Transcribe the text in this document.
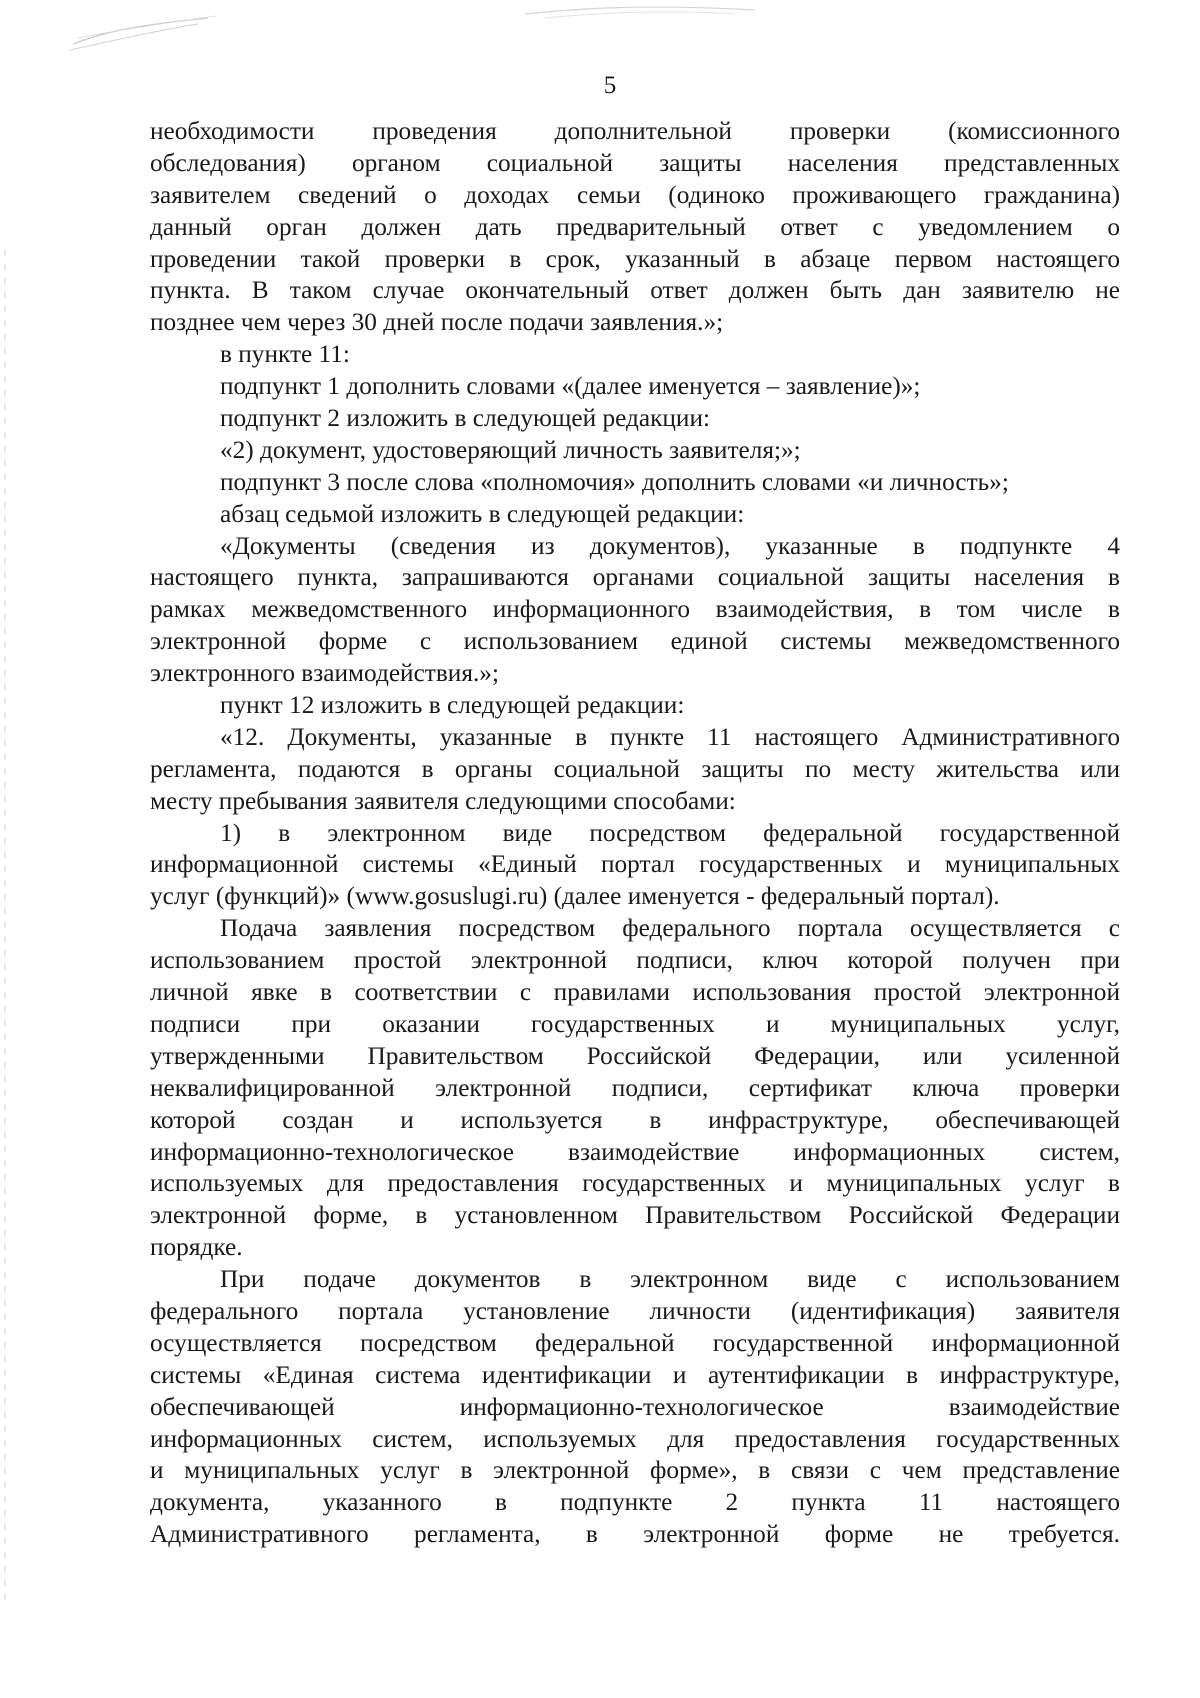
5
необходимости проведения дополнительной проверки (комиссионного
обследования) органом социальной защиты населения представленных
заявителем сведений о доходах семьи (одиноко проживающего гражданина)
данный орган должен дать предварительный ответ с уведомлением о
проведении такой проверки в срок, указанный в абзаце первом настоящего
пункта. В таком случае окончательный ответ должен быть дан заявителю не
позднее чем через 30 дней после подачи заявления.»;
в пункте 11:
подпункт 1 дополнить словами «(далее именуется – заявление)»;
подпункт 2 изложить в следующей редакции:
«2) документ, удостоверяющий личность заявителя;»;
подпункт 3 после слова «полномочия» дополнить словами «и личность»;
абзац седьмой изложить в следующей редакции:
«Документы (сведения из документов), указанные в подпункте 4
настоящего пункта, запрашиваются органами социальной защиты населения в
рамках межведомственного информационного взаимодействия, в том числе в
электронной форме с использованием единой системы межведомственного
электронного взаимодействия.»;
пункт 12 изложить в следующей редакции:
«12. Документы, указанные в пункте 11 настоящего Административного
регламента, подаются в органы социальной защиты по месту жительства или
месту пребывания заявителя следующими способами:
1) в электронном виде посредством федеральной государственной
информационной системы «Единый портал государственных и муниципальных
услуг (функций)» (www.gosuslugi.ru) (далее именуется - федеральный портал).
Подача заявления посредством федерального портала осуществляется с
использованием простой электронной подписи, ключ которой получен при
личной явке в соответствии с правилами использования простой электронной
подписи при оказании государственных и муниципальных услуг,
утвержденными Правительством Российской Федерации, или усиленной
неквалифицированной электронной подписи, сертификат ключа проверки
которой создан и используется в инфраструктуре, обеспечивающей
информационно-технологическое взаимодействие информационных систем,
используемых для предоставления государственных и муниципальных услуг в
электронной форме, в установленном Правительством Российской Федерации
порядке.
При подаче документов в электронном виде с использованием
федерального портала установление личности (идентификация) заявителя
осуществляется посредством федеральной государственной информационной
системы «Единая система идентификации и аутентификации в инфраструктуре,
обеспечивающей информационно-технологическое взаимодействие
информационных систем, используемых для предоставления государственных
и муниципальных услуг в электронной форме», в связи с чем представление
документа, указанного в подпункте 2 пункта 11 настоящего
Административного регламента, в электронной форме не требуется.
